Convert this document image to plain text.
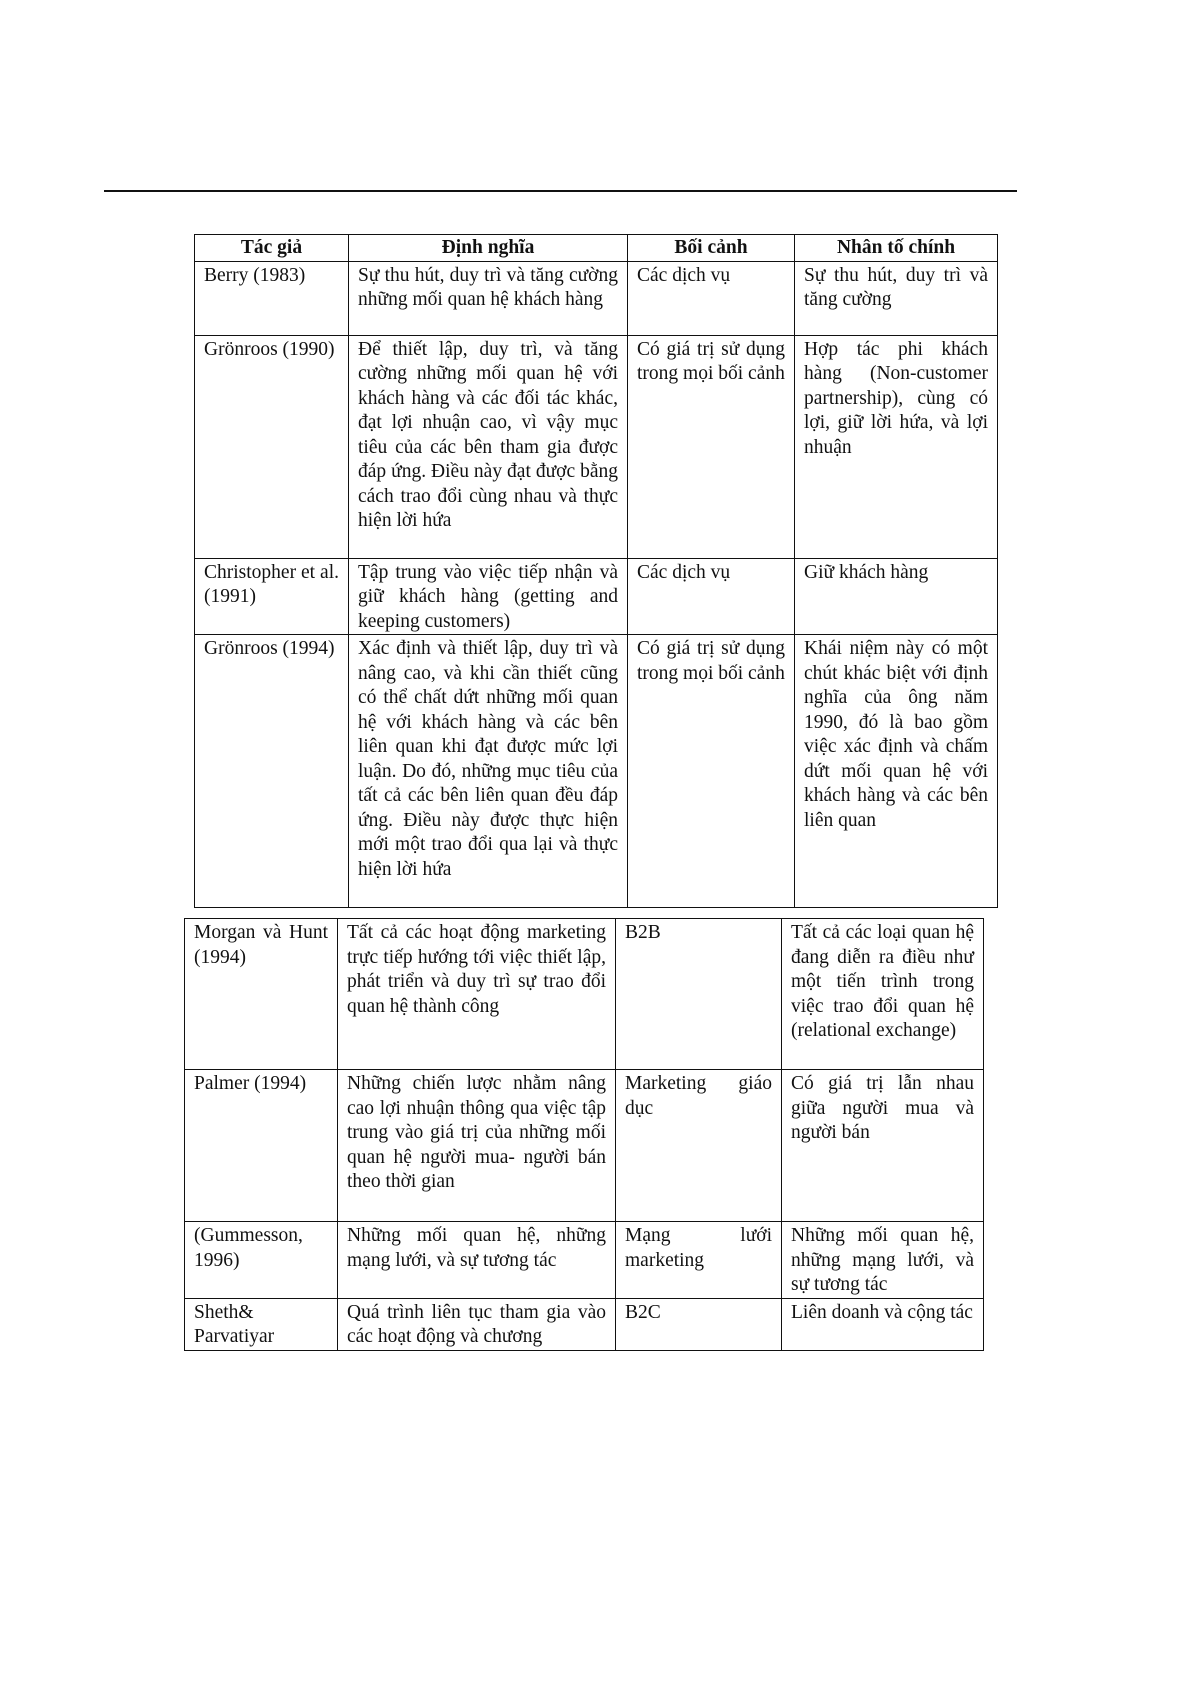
Tác giả	Định nghĩa	Bối cảnh	Nhân tố chính
Berry (1983)	Sự thu hút, duy trì và tăng cường những mối quan hệ khách hàng	Các dịch vụ	Sự thu hút, duy trì và tăng cường
Grönroos (1990)	Để thiết lập, duy trì, và tăng cường những mối quan hệ với khách hàng và các đối tác khác, đạt lợi nhuận cao, vì vậy mục tiêu của các bên tham gia được đáp ứng. Điều này đạt được bằng cách trao đổi cùng nhau và thực hiện lời hứa	Có giá trị sử dụng trong mọi bối cảnh	Hợp tác phi khách hàng (Non-customer partnership), cùng có lợi, giữ lời hứa, và lợi nhuận
Christopher et al.(1991)	Tập trung vào việc tiếp nhận và giữ khách hàng (getting and keeping customers)	Các dịch vụ	Giữ khách hàng
Grönroos (1994)	Xác định và thiết lập, duy trì và nâng cao, và khi cần thiết cũng có thể chất dứt những mối quan hệ với khách hàng và các bên liên quan khi đạt được mức lợi luận. Do đó, những mục tiêu của tất cả các bên liên quan đều đáp ứng. Điều này được thực hiện mới một trao đổi qua lại và thực hiện lời hứa	Có giá trị sử dụng trong mọi bối cảnh	Khái niệm này có một chút khác biệt với định nghĩa của ông năm 1990, đó là bao gồm việc xác định và chấm dứt mối quan hệ với khách hàng và các bên liên quan
Morgan và Hunt (1994)	Tất cả các hoạt động marketing trực tiếp hướng tới việc thiết lập, phát triển và duy trì sự trao đổi quan hệ thành công	B2B	Tất cả các loại quan hệ đang diễn ra điều như một tiến trình trong việc trao đổi quan hệ (relational exchange)
Palmer (1994)	Những chiến lược nhằm nâng cao lợi nhuận thông qua việc tập trung vào giá trị của những mối quan hệ người mua- người bán theo thời gian	Marketing giáo dục	Có giá trị lẫn nhau giữa người mua và người bán
(Gummesson, 1996)	Những mối quan hệ, những mạng lưới, và sự tương tác	Mạng lưới marketing	Những mối quan hệ, những mạng lưới, và sự tương tác
Sheth& Parvatiyar	Quá trình liên tục tham gia vào các hoạt động và chương	B2C	Liên doanh và cộng tác
